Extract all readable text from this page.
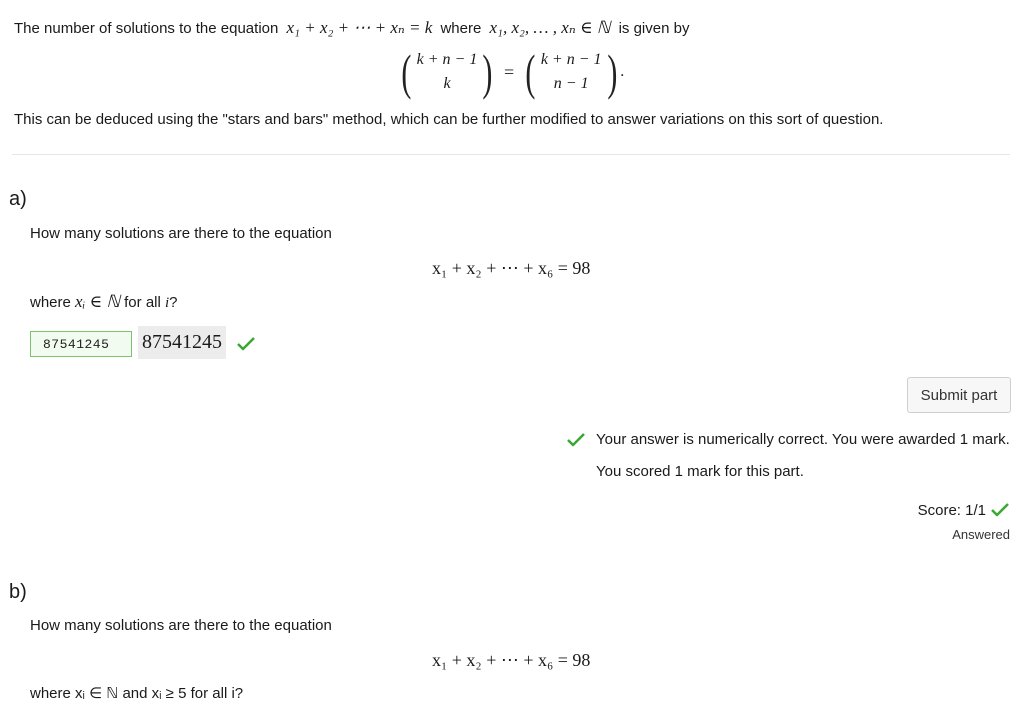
The number of solutions to the equation x₁ + x₂ + ⋯ + xₙ = k where x₁, x₂, … , xₙ ∈ ℕ is given by
( k + n − 1
k ) = ( k + n − 1
n − 1 ) .
This can be deduced using the "stars and bars" method, which can be further modified to answer variations on this sort of question.
a)
How many solutions are there to the equation
x₁ + x₂ + ⋯ + x₆ = 98
where xᵢ ∈ ℕ for all i?
87541245
87541245
Submit part
Your answer is numerically correct. You were awarded 1 mark.
You scored 1 mark for this part.
Score: 1/1
Answered
b)
How many solutions are there to the equation
x₁ + x₂ + ⋯ + x₆ = 98
where xᵢ ∈ ℕ and xᵢ ≥ 5 for all i?
